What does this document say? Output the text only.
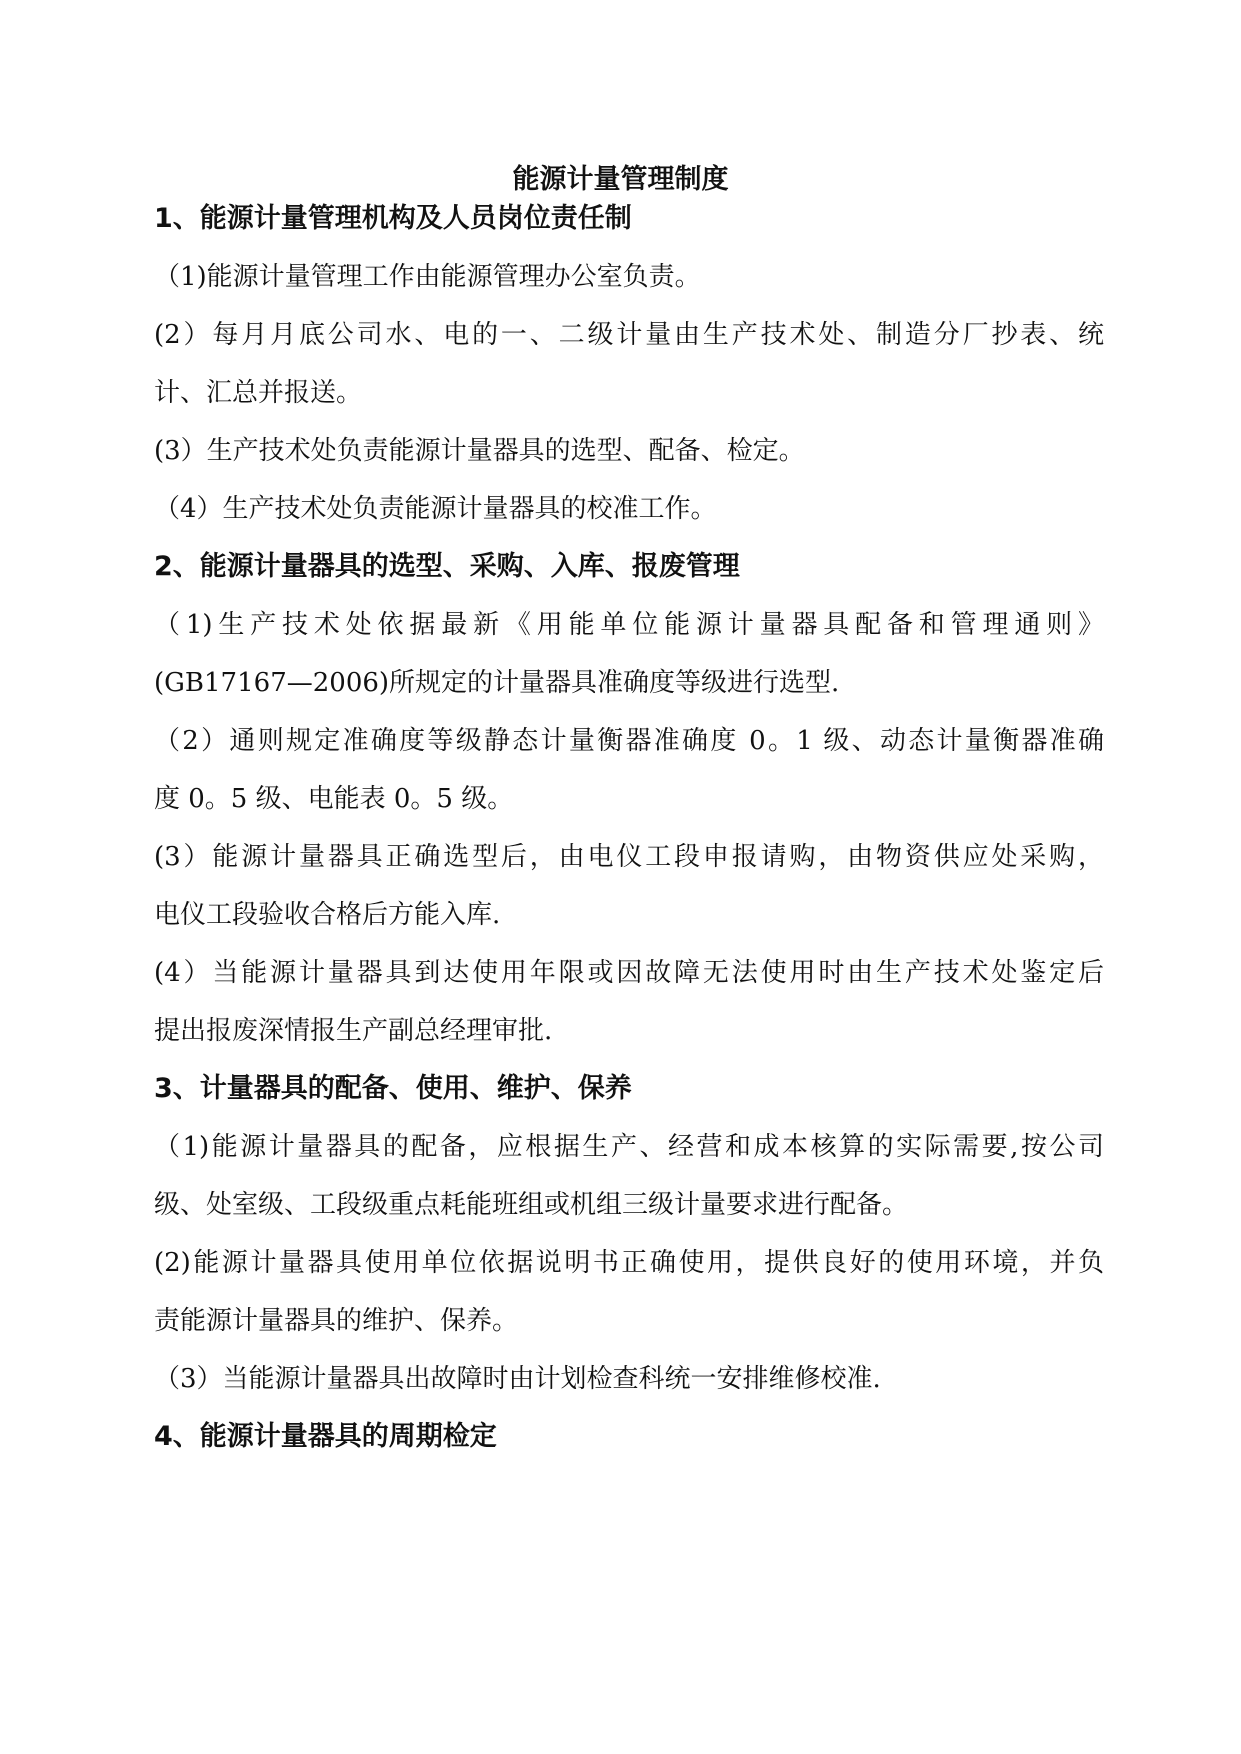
能源计量管理制度
1、能源计量管理机构及人员岗位责任制
（1)能源计量管理工作由能源管理办公室负责。
(2）每月月底公司水、电的一、二级计量由生产技术处、制造分厂抄表、统
计、汇总并报送。
(3）生产技术处负责能源计量器具的选型、配备、检定。
（4）生产技术处负责能源计量器具的校准工作。
2、能源计量器具的选型、采购、入库、报废管理
（1)生产技术处依据最新《用能单位能源计量器具配备和管理通则》
(GB17167—2006)所规定的计量器具准确度等级进行选型.
（2）通则规定准确度等级静态计量衡器准确度 0。1 级、动态计量衡器准确
度 0。5 级、电能表 0。5 级。
(3）能源计量器具正确选型后，由电仪工段申报请购，由物资供应处采购，
电仪工段验收合格后方能入库.
(4）当能源计量器具到达使用年限或因故障无法使用时由生产技术处鉴定后
提出报废深情报生产副总经理审批.
3、计量器具的配备、使用、维护、保养
（1)能源计量器具的配备，应根据生产、经营和成本核算的实际需要,按公司
级、处室级、工段级重点耗能班组或机组三级计量要求进行配备。
(2)能源计量器具使用单位依据说明书正确使用，提供良好的使用环境，并负
责能源计量器具的维护、保养。
（3）当能源计量器具出故障时由计划检查科统一安排维修校准.
4、能源计量器具的周期检定
